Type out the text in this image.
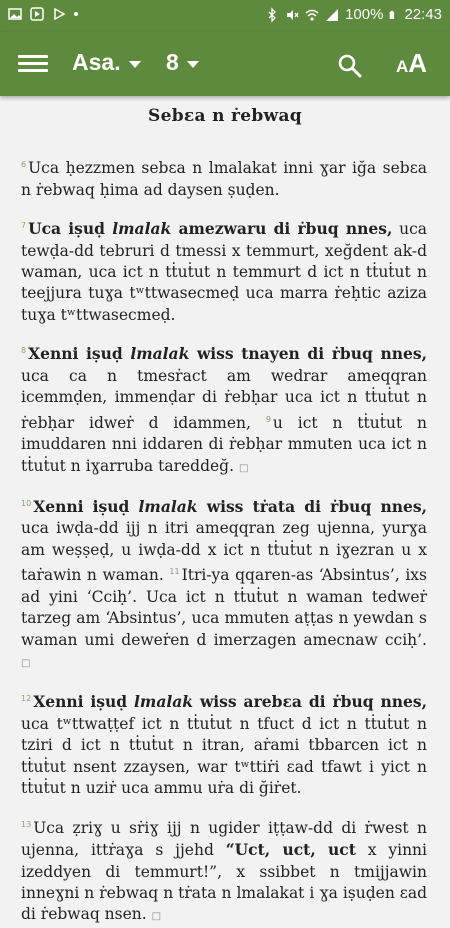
100% 22:43
Asa. 8	AA
Sebɛa n ṙebwaq

$^6$ Uca ḥezzmen sebɛa n lmalakat inni ɣar iğa sebɛa n ṙebwaq ḥima ad daysen ṣuḍen.

$^7$ Uca iṣuḍ lmalak amezwaru di ṙbuq nnes, uca tewḍa-dd tebruri d tmessi x temmurt, xeğdent ak-d waman, uca ict n tṫuṫut n temmurt d ict n tṫuṫut n teejjura tuɣa tʷttwasecmeḍ uca marra ṙeḥtic aziza tuɣa tʷttwasecmeḍ.

$^8$ Xenni iṣuḍ lmalak wiss tnayen di ṙbuq nnes, uca ca n tmesṙact am wedrar ameqqran icemmḍen, immenḍar di ṙebḥar uca ict n tṫuṫut n ṙebḥar idweṙ d idammen, $^9$ u ict n tṫuṫut n imuddaren nni iddaren di ṙebḥar mmuten uca ict n tṫuṫut n iɣarruba tareddeğ. □

$^{10}$ Xenni iṣuḍ lmalak wiss tṙata di ṙbuq nnes, uca iwḍa-dd ijj n itri ameqqran zeg ujenna, yurɣa am weṣṣeḍ, u iwḍa-dd x ict n tṫuṫut n iɣezran u x taṙawin n waman. $^{11}$ Itri-ya qqaren-as ‘Absintus’, ixs ad yini ‘Cciḥ’. Uca ict n tṫuṫut n waman tedweṙ tarzeg am ‘Absintus’, uca mmuten aṭṭas n yewdan s waman umi deweṙen d imerzagen amecnaw cciḥ’. □

$^{12}$ Xenni iṣuḍ lmalak wiss arebɛa di ṙbuq nnes, uca tʷttwaṭṭef ict n tṫuṫut n tfuct d ict n tṫuṫut n tziri d ict n tṫuṫut n itran, aṙami tbbarcen ict n tṫuṫut nsent zzaysen, war tʷttiṙi ɛad tfawt i yict n tṫuṫut n uziṙ uca ammu uṙa di ğiṙet.

$^{13}$ Uca ẓriɣ u sṙiɣ ijj n ugider iṭṭaw-dd di ṙwest n ujenna, ittṙaɣa s jjehd “Uct, uct, uct x yinni izeddyen di temmurt!”, x ssibbet n tmijjawin inneɣni n ṙebwaq n tṙata n lmalakat i ɣa iṣuḍen ɛad di ṙebwaq nsen. □
